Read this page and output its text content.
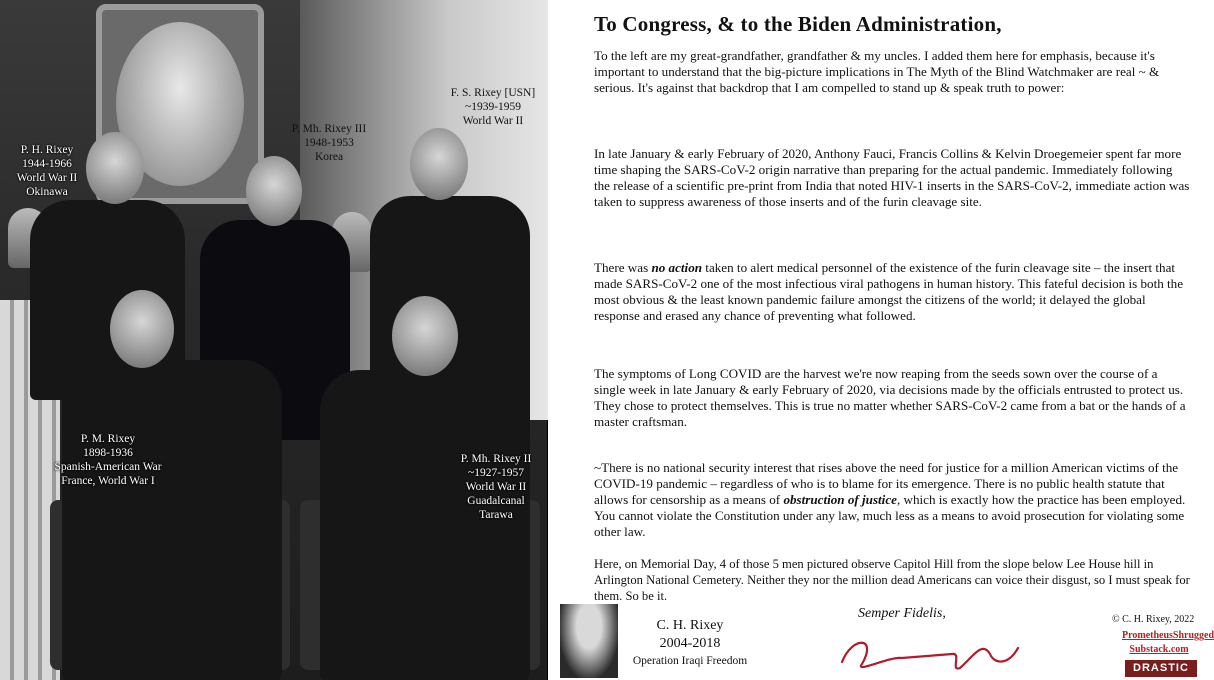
P. H. Rixey
1944-1966
World War II
Okinawa
P. Mh. Rixey III
1948-1953
Korea
F. S. Rixey [USN]
~1939-1959
World War II
P. M. Rixey
1898-1936
Spanish-American War
France, World War I
P. Mh. Rixey II
~1927-1957
World War II
Guadalcanal
Tarawa
To Congress, & to the Biden Administration,
To the left are my great-grandfather, grandfather & my uncles. I added them here for emphasis, because it's important to understand that the big-picture implications in The Myth of the Blind Watchmaker are real ~ & serious. It's against that backdrop that I am compelled to stand up & speak truth to power:
In late January & early February of 2020, Anthony Fauci, Francis Collins & Kelvin Droegemeier spent far more time shaping the SARS-CoV-2 origin narrative than preparing for the actual pandemic. Immediately following the release of a scientific pre-print from India that noted HIV-1 inserts in the SARS-CoV-2, immediate action was taken to suppress awareness of those inserts and of the furin cleavage site.
There was no action taken to alert medical personnel of the existence of the furin cleavage site – the insert that made SARS-CoV-2 one of the most infectious viral pathogens in human history. This fateful decision is both the most obvious & the least known pandemic failure amongst the citizens of the world; it delayed the global response and erased any chance of preventing what followed.
The symptoms of Long COVID are the harvest we're now reaping from the seeds sown over the course of a single week in late January & early February of 2020, via decisions made by the officials entrusted to protect us. They chose to protect themselves. This is true no matter whether SARS-CoV-2 came from a bat or the hands of a master craftsman.
~There is no national security interest that rises above the need for justice for a million American victims of the COVID-19 pandemic – regardless of who is to blame for its emergence. There is no public health statute that allows for censorship as a means of obstruction of justice, which is exactly how the practice has been employed. You cannot violate the Constitution under any law, much less as a means to avoid prosecution for violating some other law.
Here, on Memorial Day, 4 of those 5 men pictured observe Capitol Hill from the slope below Lee House hill in Arlington National Cemetery. Neither they nor the million dead Americans can voice their disgust, so I must speak for them. So be it.
C. H. Rixey
2004-2018
Operation Iraqi Freedom
Semper Fidelis,	© C. H. Rixey, 2022
PrometheusShrugged
Substack.com
DRASTIC
